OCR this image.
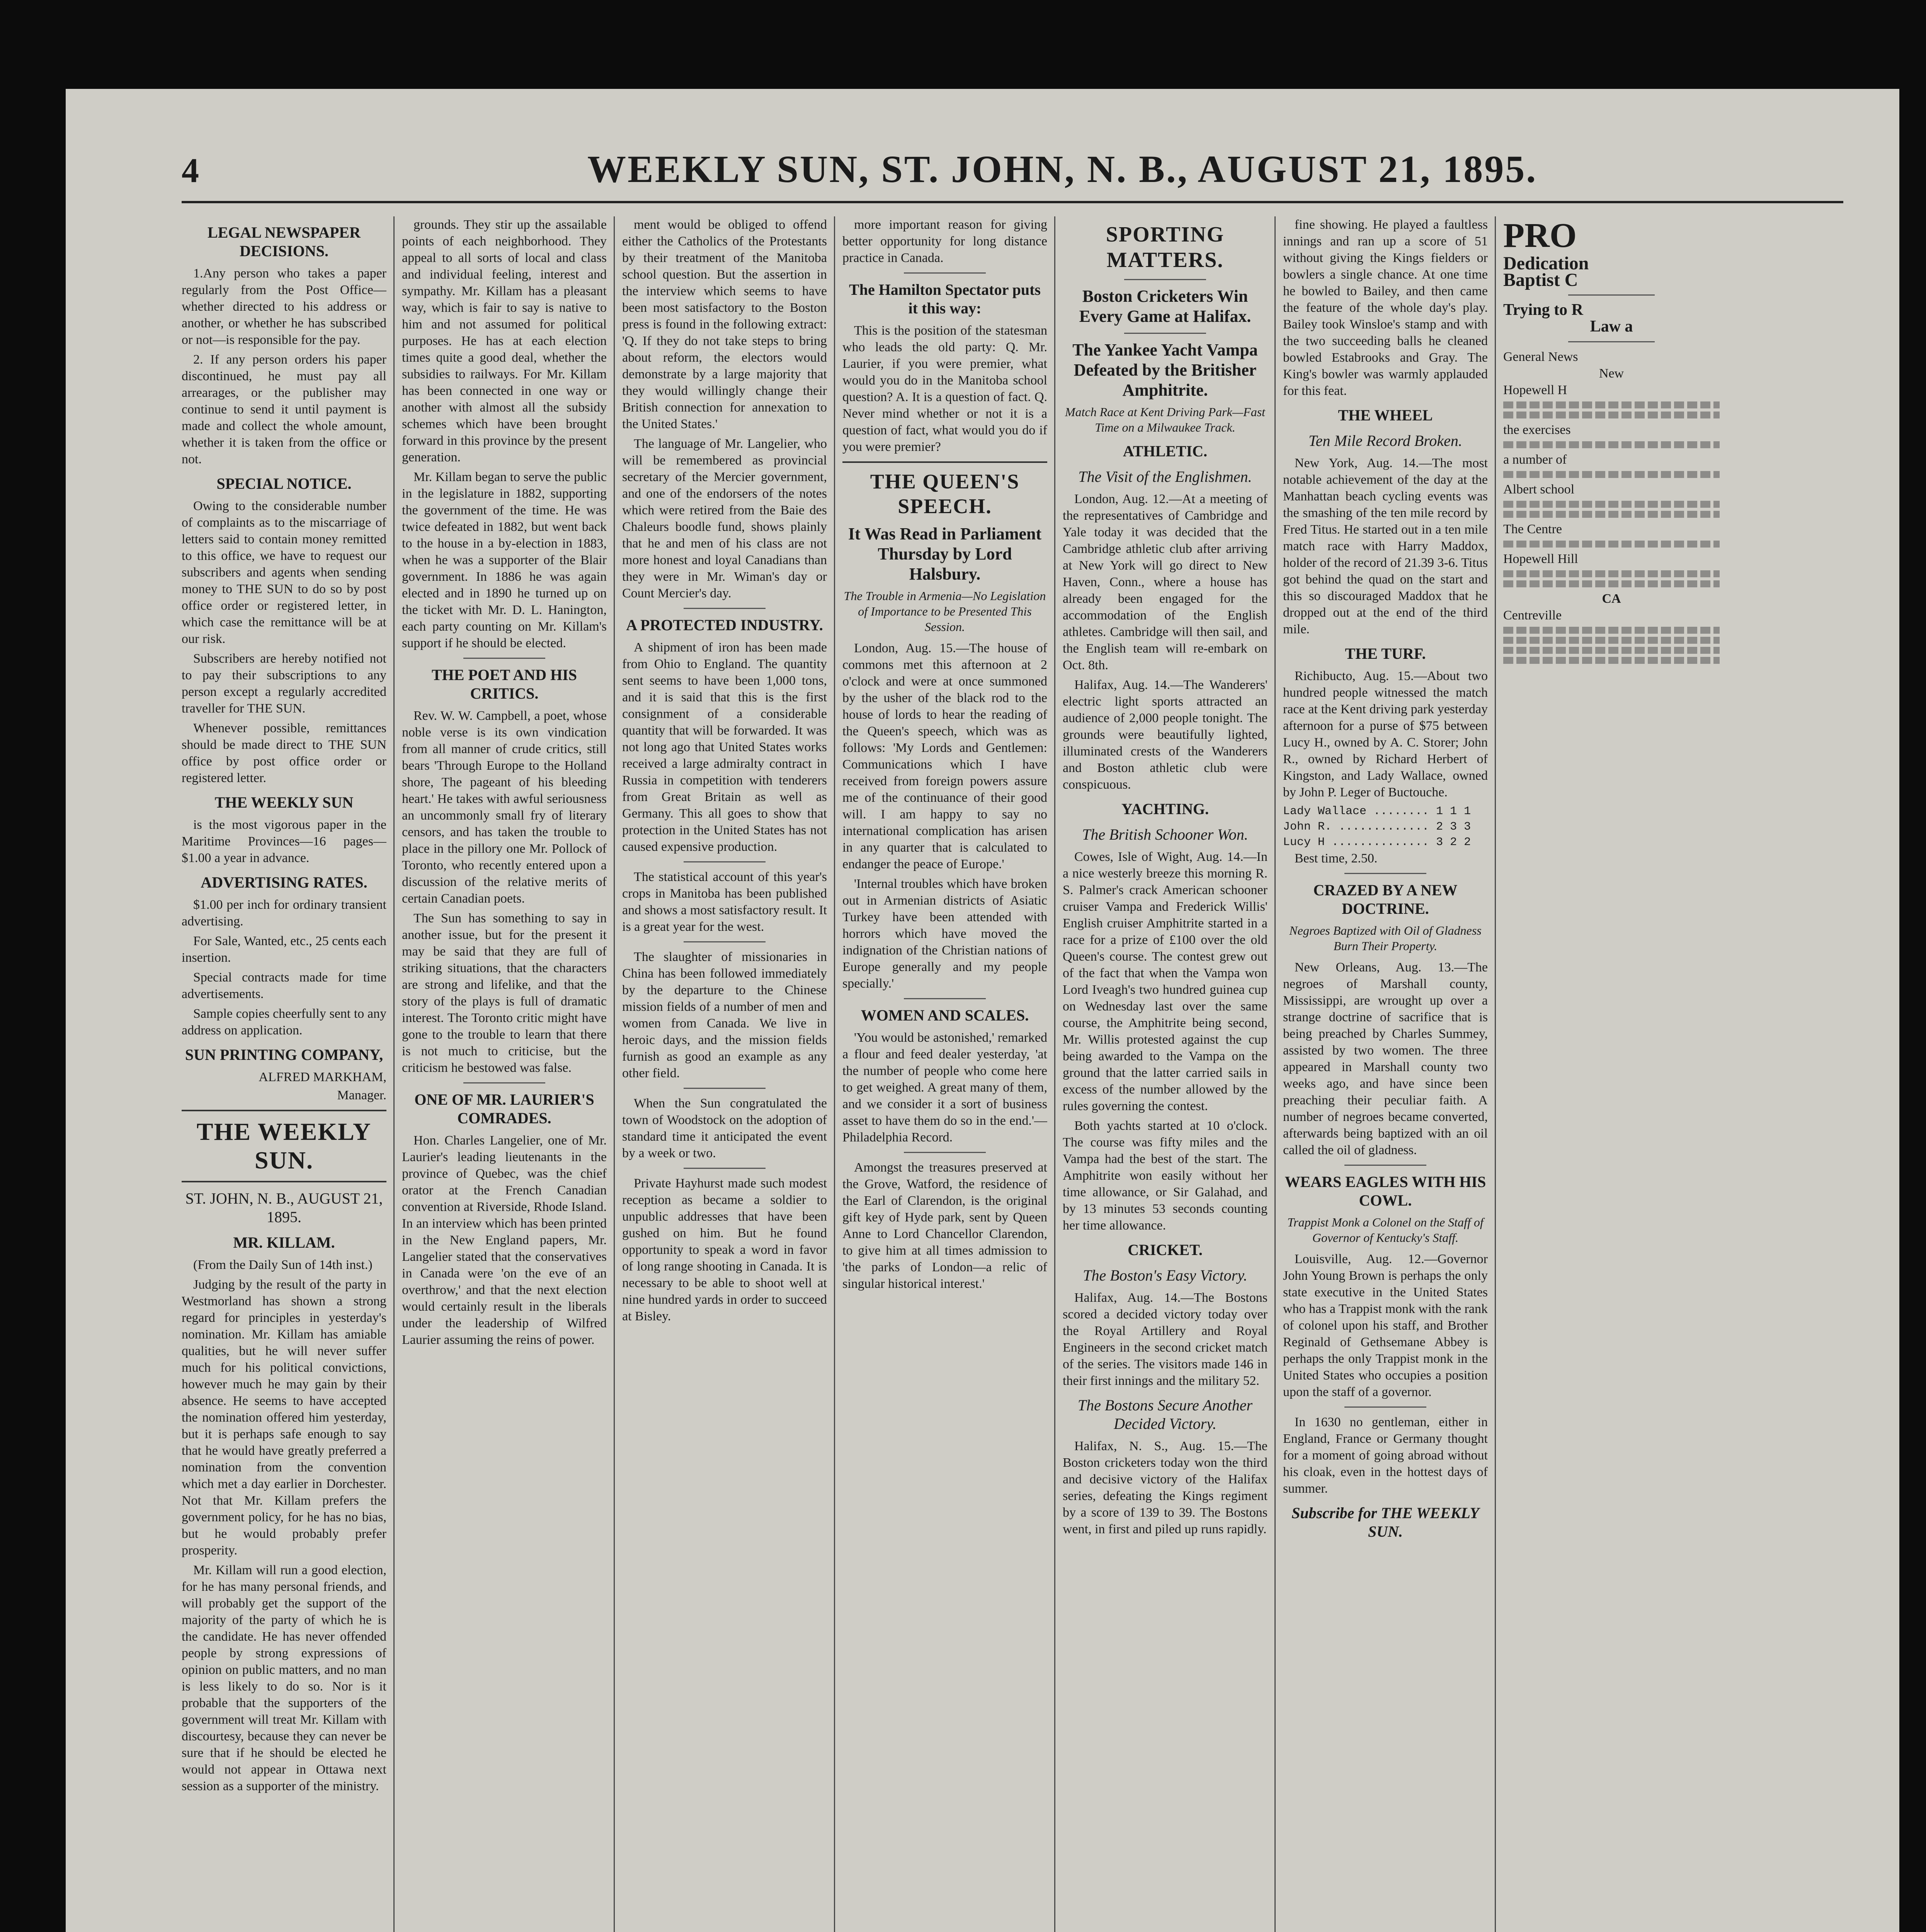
4	WEEKLY SUN, ST. JOHN, N. B., AUGUST 21, 1895.
LEGAL NEWSPAPER DECISIONS.

1.Any person who takes a paper regularly from the Post Office—whether directed to his address or another, or whether he has subscribed or not—is responsible for the pay.

2. If any person orders his paper discontinued, he must pay all arrearages, or the publisher may continue to send it until payment is made and collect the whole amount, whether it is taken from the office or not.

SPECIAL NOTICE.

Owing to the considerable number of complaints as to the miscarriage of letters said to contain money remitted to this office, we have to request our subscribers and agents when sending money to THE SUN to do so by post office order or registered letter, in which case the remittance will be at our risk.

Subscribers are hereby notified not to pay their subscriptions to any person except a regularly accredited traveller for THE SUN.

Whenever possible, remittances should be made direct to THE SUN office by post office order or registered letter.

THE WEEKLY SUN

is the most vigorous paper in the Maritime Provinces—16 pages—$1.00 a year in advance.

ADVERTISING RATES.

$1.00 per inch for ordinary transient advertising.

For Sale, Wanted, etc., 25 cents each insertion.

Special contracts made for time advertisements.

Sample copies cheerfully sent to any address on application.

SUN PRINTING COMPANY,
ALFRED MARKHAM,
Manager.
THE WEEKLY SUN.
ST. JOHN, N. B., AUGUST 21, 1895.
MR. KILLAM.

(From the Daily Sun of 14th inst.)

Judging by the result of the party in Westmorland has shown a strong regard for principles in yesterday's nomination. Mr. Killam has amiable qualities, but he will never suffer much for his political convictions, however much he may gain by their absence. He seems to have accepted the nomination offered him yesterday, but it is perhaps safe enough to say that he would have greatly preferred a nomination from the convention which met a day earlier in Dorchester. Not that Mr. Killam prefers the government policy, for he has no bias, but he would probably prefer prosperity.

Mr. Killam will run a good election, for he has many personal friends, and will probably get the support of the majority of the party of which he is the candidate. He has never offended people by strong expressions of opinion on public matters, and no man is less likely to do so. Nor is it probable that the supporters of the government will treat Mr. Killam with discourtesy, because they can never be sure that if he should be elected he would not appear in Ottawa next session as a supporter of the ministry.

grounds. They stir up the assailable points of each neighborhood. They appeal to all sorts of local and class and individual feeling, interest and sympathy. Mr. Killam has a pleasant way, which is fair to say is native to him and not assumed for political purposes. He has at each election times quite a good deal, whether the subsidies to railways. For Mr. Killam has been connected in one way or another with almost all the subsidy schemes which have been brought forward in this province by the present generation.

Mr. Killam began to serve the public in the legislature in 1882, supporting the government of the time. He was twice defeated in 1882, but went back to the house in a by-election in 1883, when he was a supporter of the Blair government. In 1886 he was again elected and in 1890 he turned up on the ticket with Mr. D. L. Hanington, each party counting on Mr. Killam's support if he should be elected.

THE POET AND HIS CRITICS.

Rev. W. W. Campbell, a poet, whose noble verse is its own vindication from all manner of crude critics, still bears 'Through Europe to the Holland shore, The pageant of his bleeding heart.' He takes with awful seriousness an uncommonly small fry of literary censors, and has taken the trouble to place in the pillory one Mr. Pollock of Toronto, who recently entered upon a discussion of the relative merits of certain Canadian poets.

The Sun has something to say in another issue, but for the present it may be said that they are full of striking situations, that the characters are strong and lifelike, and that the story of the plays is full of dramatic interest. The Toronto critic might have gone to the trouble to learn that there is not much to criticise, but the criticism he bestowed was false.

ONE OF MR. LAURIER'S COMRADES.

Hon. Charles Langelier, one of Mr. Laurier's leading lieutenants in the province of Quebec, was the chief orator at the French Canadian convention at Riverside, Rhode Island. In an interview which has been printed in the New England papers, Mr. Langelier stated that the conservatives in Canada were 'on the eve of an overthrow,' and that the next election would certainly result in the liberals under the leadership of Wilfred Laurier assuming the reins of power.

ment would be obliged to offend either the Catholics of the Protestants by their treatment of the Manitoba school question. But the assertion in the interview which seems to have been most satisfactory to the Boston press is found in the following extract: 'Q. If they do not take steps to bring about reform, the electors would demonstrate by a large majority that they would willingly change their British connection for annexation to the United States.'

The language of Mr. Langelier, who will be remembered as provincial secretary of the Mercier government, and one of the endorsers of the notes which were retired from the Baie des Chaleurs boodle fund, shows plainly that he and men of his class are not more honest and loyal Canadians than they were in Mr. Wiman's day or Count Mercier's day.

A PROTECTED INDUSTRY.

A shipment of iron has been made from Ohio to England. The quantity sent seems to have been 1,000 tons, and it is said that this is the first consignment of a considerable quantity that will be forwarded. It was not long ago that United States works received a large admiralty contract in Russia in competition with tenderers from Great Britain as well as Germany. This all goes to show that protection in the United States has not caused expensive production.

The statistical account of this year's crops in Manitoba has been published and shows a most satisfactory result. It is a great year for the west.

The slaughter of missionaries in China has been followed immediately by the departure to the Chinese mission fields of a number of men and women from Canada. We live in heroic days, and the mission fields furnish as good an example as any other field.

When the Sun congratulated the town of Woodstock on the adoption of standard time it anticipated the event by a week or two.

Private Hayhurst made such modest reception as became a soldier to unpublic addresses that have been gushed on him. But he found opportunity to speak a word in favor of long range shooting in Canada. It is necessary to be able to shoot well at nine hundred yards in order to succeed at Bisley.

more important reason for giving better opportunity for long distance practice in Canada.

The Hamilton Spectator puts it this way:

This is the position of the statesman who leads the old party: Q. Mr. Laurier, if you were premier, what would you do in the Manitoba school question? A. It is a question of fact. Q. Never mind whether or not it is a question of fact, what would you do if you were premier?

THE QUEEN'S SPEECH.
It Was Read in Parliament Thursday by Lord Halsbury.
The Trouble in Armenia—No Legislation of Importance to be Presented This Session.

London, Aug. 15.—The house of commons met this afternoon at 2 o'clock and were at once summoned by the usher of the black rod to the house of lords to hear the reading of the Queen's speech, which was as follows: 'My Lords and Gentlemen: Communications which I have received from foreign powers assure me of the continuance of their good will. I am happy to say no international complication has arisen in any quarter that is calculated to endanger the peace of Europe.'

'Internal troubles which have broken out in Armenian districts of Asiatic Turkey have been attended with horrors which have moved the indignation of the Christian nations of Europe generally and my people specially.'

WOMEN AND SCALES.

'You would be astonished,' remarked a flour and feed dealer yesterday, 'at the number of people who come here to get weighed. A great many of them, and we consider it a sort of business asset to have them do so in the end.'—Philadelphia Record.

Amongst the treasures preserved at the Grove, Watford, the residence of the Earl of Clarendon, is the original gift key of Hyde park, sent by Queen Anne to Lord Chancellor Clarendon, to give him at all times admission to 'the parks of London—a relic of singular historical interest.'

SPORTING MATTERS.
Boston Cricketers Win Every Game at Halifax.
The Yankee Yacht Vampa Defeated by the Britisher Amphitrite.
Match Race at Kent Driving Park—Fast Time on a Milwaukee Track.
ATHLETIC.
The Visit of the Englishmen.

London, Aug. 12.—At a meeting of the representatives of Cambridge and Yale today it was decided that the Cambridge athletic club after arriving at New York will go direct to New Haven, Conn., where a house has already been engaged for the accommodation of the English athletes. Cambridge will then sail, and the English team will re-embark on Oct. 8th.

Halifax, Aug. 14.—The Wanderers' electric light sports attracted an audience of 2,000 people tonight. The grounds were beautifully lighted, illuminated crests of the Wanderers and Boston athletic club were conspicuous.

YACHTING.
The British Schooner Won.

Cowes, Isle of Wight, Aug. 14.—In a nice westerly breeze this morning R. S. Palmer's crack American schooner cruiser Vampa and Frederick Willis' English cruiser Amphitrite started in a race for a prize of £100 over the old Queen's course. The contest grew out of the fact that when the Vampa won Lord Iveagh's two hundred guinea cup on Wednesday last over the same course, the Amphitrite being second, Mr. Willis protested against the cup being awarded to the Vampa on the ground that the latter carried sails in excess of the number allowed by the rules governing the contest.

Both yachts started at 10 o'clock. The course was fifty miles and the Vampa had the best of the start. The Amphitrite won easily without her time allowance, or Sir Galahad, and by 13 minutes 53 seconds counting her time allowance.

CRICKET.
The Boston's Easy Victory.

Halifax, Aug. 14.—The Bostons scored a decided victory today over the Royal Artillery and Royal Engineers in the second cricket match of the series. The visitors made 146 in their first innings and the military 52.

The Bostons Secure Another Decided Victory.

Halifax, N. S., Aug. 15.—The Boston cricketers today won the third and decisive victory of the Halifax series, defeating the Kings regiment by a score of 139 to 39. The Bostons went, in first and piled up runs rapidly.

fine showing. He played a faultless innings and ran up a score of 51 without giving the Kings fielders or bowlers a single chance. At one time he bowled to Bailey, and then came the feature of the whole day's play. Bailey took Winsloe's stamp and with the two succeeding balls he cleaned bowled Estabrooks and Gray. The King's bowler was warmly applauded for this feat.

THE WHEEL
Ten Mile Record Broken.

New York, Aug. 14.—The most notable achievement of the day at the Manhattan beach cycling events was the smashing of the ten mile record by Fred Titus. He started out in a ten mile match race with Harry Maddox, holder of the record of 21.39 3-6. Titus got behind the quad on the start and this so discouraged Maddox that he dropped out at the end of the third mile.

THE TURF.

Richibucto, Aug. 15.—About two hundred people witnessed the match race at the Kent driving park yesterday afternoon for a purse of $75 between Lucy H., owned by A. C. Storer; John R., owned by Richard Herbert of Kingston, and Lady Wallace, owned by John P. Leger of Buctouche.

Lady Wallace ........ 1 1 1
John R. ............. 2 3 3
Lucy H .............. 3 2 2

Best time, 2.50.

CRAZED BY A NEW DOCTRINE.
Negroes Baptized with Oil of Gladness Burn Their Property.

New Orleans, Aug. 13.—The negroes of Marshall county, Mississippi, are wrought up over a strange doctrine of sacrifice that is being preached by Charles Summey, assisted by two women. The three appeared in Marshall county two weeks ago, and have since been preaching their peculiar faith. A number of negroes became converted, afterwards being baptized with an oil called the oil of gladness.

WEARS EAGLES WITH HIS COWL.
Trappist Monk a Colonel on the Staff of Governor of Kentucky's Staff.

Louisville, Aug. 12.—Governor John Young Brown is perhaps the only state executive in the United States who has a Trappist monk with the rank of colonel upon his staff, and Brother Reginald of Gethsemane Abbey is perhaps the only Trappist monk in the United States who occupies a position upon the staff of a governor.

In 1630 no gentleman, either in England, France or Germany thought for a moment of going abroad without his cloak, even in the hottest days of summer.

Subscribe for THE WEEKLY SUN.
PRO
Dedication
Baptist C
Trying to R
Law a
General News
New
Hopewell H
the exercises
a number of
Albert school
The Centre
Hopewell Hill
CA
Centreville
